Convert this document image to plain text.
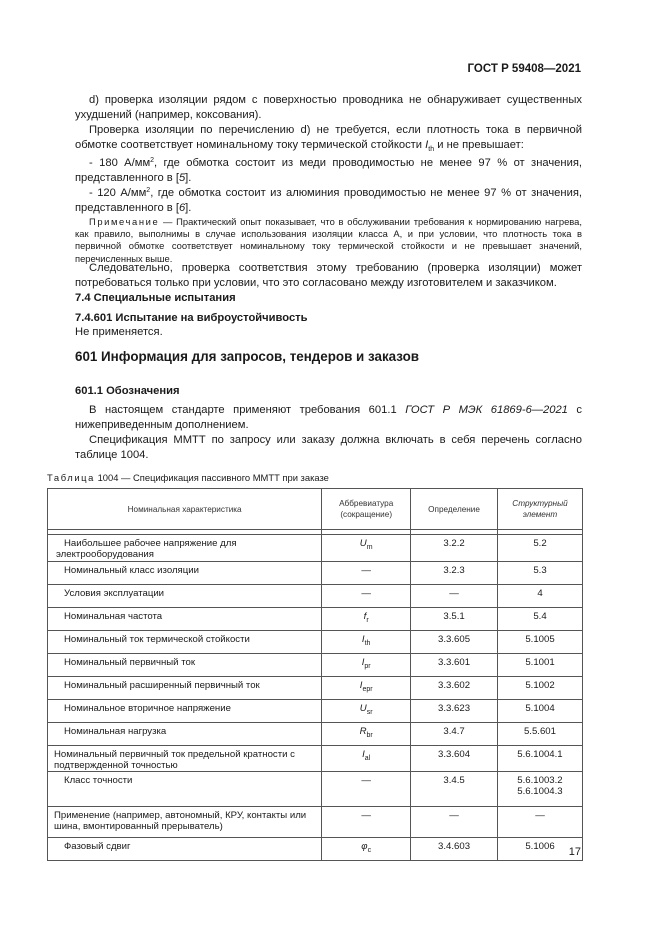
ГОСТ Р 59408—2021
d) проверка изоляции рядом с поверхностью проводника не обнаруживает существенных ухудшений (например, коксования).
Проверка изоляции по перечислению d) не требуется, если плотность тока в первичной обмотке соответствует номинальному току термической стойкости $I_{th}$ и не превышает:
- 180 $А/мм^2$, где обмотка состоит из меди проводимостью не менее 97 % от значения, представленного в [5].
- 120 $А/мм^2$, где обмотка состоит из алюминия проводимостью не менее 97 % от значения, представленного в [6].
Примечание — Практический опыт показывает, что в обслуживании требования к нормированию нагрева, как правило, выполнимы в случае использования изоляции класса А, и при условии, что плотность тока в первичной обмотке соответствует номинальному току термической стойкости и не превышает значений, перечисленных выше.
Следовательно, проверка соответствия этому требованию (проверка изоляции) может потребоваться только при условии, что это согласовано между изготовителем и заказчиком.
7.4 Специальные испытания
7.4.601 Испытание на виброустойчивость
Не применяется.
601 Информация для запросов, тендеров и заказов
601.1 Обозначения
В настоящем стандарте применяют требования 601.1 ГОСТ Р МЭК 61869-6—2021 с нижеприведенным дополнением.
Спецификация ММТТ по запросу или заказу должна включать в себя перечень согласно таблице 1004.
Таблица 1004 — Спецификация пассивного ММТТ при заказе
Номинальная характеристика	Аббревиатура (сокращение)	Определение	Структурный элемент

Наибольшее рабочее напряжение для электрооборудования	$U_m$	3.2.2	5.2
Номинальный класс изоляции	—	3.2.3	5.3
Условия эксплуатации	—	—	4
Номинальная частота	$f_r$	3.5.1	5.4
Номинальный ток термической стойкости	$I_{th}$	3.3.605	5.1005
Номинальный первичный ток	$I_{pr}$	3.3.601	5.1001
Номинальный расширенный первичный ток	$I_{epr}$	3.3.602	5.1002
Номинальное вторичное напряжение	$U_{sr}$	3.3.623	5.1004
Номинальная нагрузка	$R_{br}$	3.4.7	5.5.601
Номинальный первичный ток предельной кратности с подтвержденной точностью	$I_{al}$	3.3.604	5.6.1004.1
Класс точности	—	3.4.5	5.6.1003.2
5.6.1004.3
Применение (например, автономный, КРУ, контакты или шина, вмонтированный прерыватель)	—	—	—
Фазовый сдвиг	$\varphi_c$	3.4.603	5.1006 17
